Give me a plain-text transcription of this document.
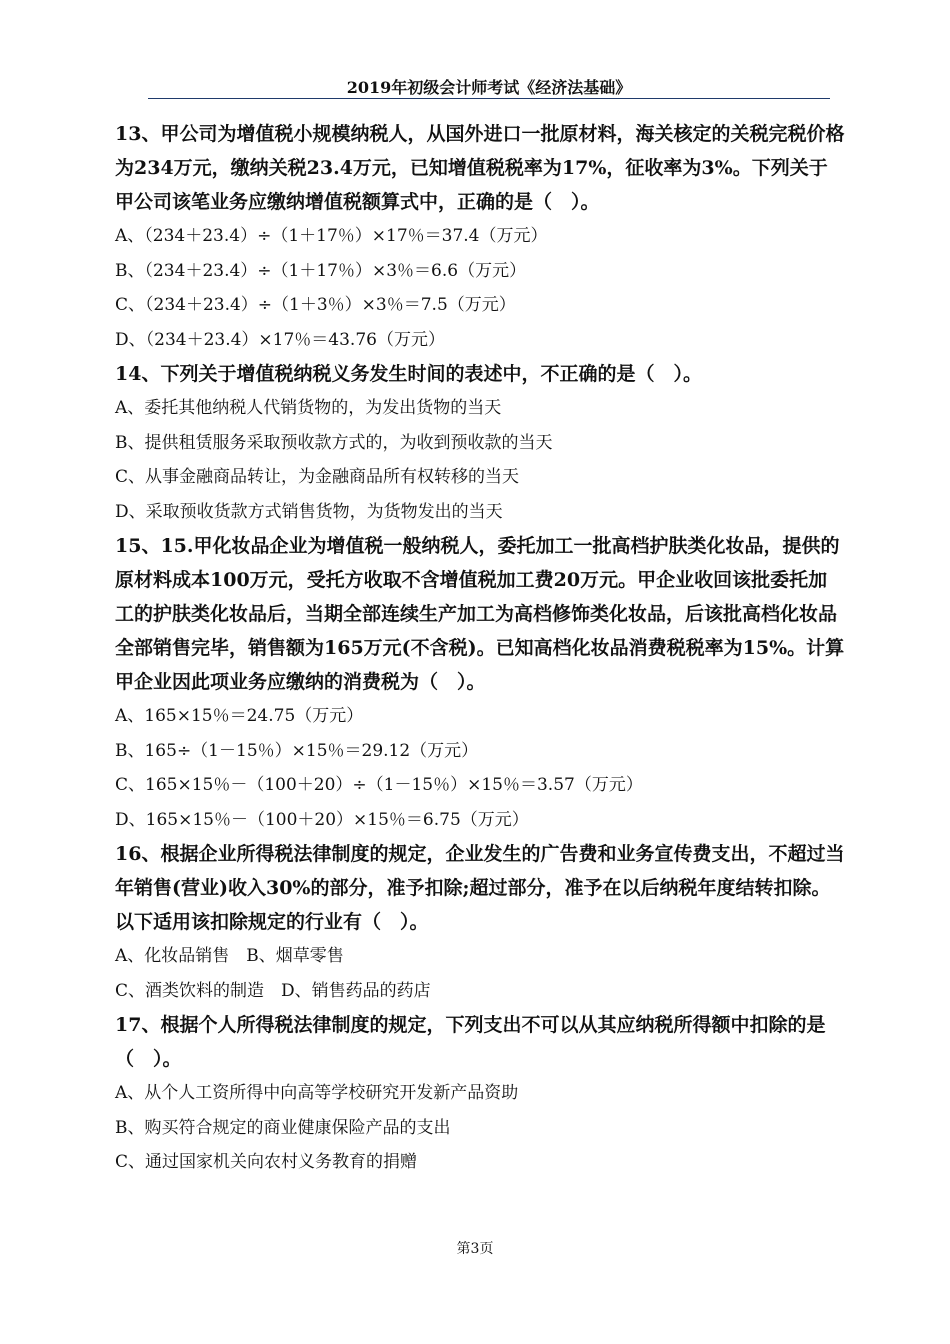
2019年初级会计师考试《经济法基础》

13、甲公司为增值税小规模纳税人，从国外进口一批原材料，海关核定的关税完税价格为234万元，缴纳关税23.4万元，已知增值税税率为17%，征收率为3%。下列关于甲公司该笔业务应缴纳增值税额算式中，正确的是（　）。

A、（234＋23.4）÷（1＋17％）×17％＝37.4（万元）

B、（234＋23.4）÷（1＋17％）×3％＝6.6（万元）

C、（234＋23.4）÷（1＋3％）×3％＝7.5（万元）

D、（234＋23.4）×17％＝43.76（万元）

14、下列关于增值税纳税义务发生时间的表述中，不正确的是（　）。

A、委托其他纳税人代销货物的，为发出货物的当天

B、提供租赁服务采取预收款方式的，为收到预收款的当天

C、从事金融商品转让，为金融商品所有权转移的当天

D、采取预收货款方式销售货物，为货物发出的当天

15、15.甲化妆品企业为增值税一般纳税人，委托加工一批高档护肤类化妆品，提供的原材料成本100万元，受托方收取不含增值税加工费20万元。甲企业收回该批委托加工的护肤类化妆品后，当期全部连续生产加工为高档修饰类化妆品，后该批高档化妆品全部销售完毕，销售额为165万元(不含税)。已知高档化妆品消费税税率为15%。计算甲企业因此项业务应缴纳的消费税为（　）。

A、165×15％＝24.75（万元）

B、165÷（1－15％）×15％＝29.12（万元）

C、165×15％－（100＋20）÷（1－15％）×15％＝3.57（万元）

D、165×15％－（100＋20）×15％＝6.75（万元）

16、根据企业所得税法律制度的规定，企业发生的广告费和业务宣传费支出，不超过当年销售(营业)收入30%的部分，准予扣除;超过部分，准予在以后纳税年度结转扣除。以下适用该扣除规定的行业有（　）。

A、化妆品销售　B、烟草零售

C、酒类饮料的制造　D、销售药品的药店

17、根据个人所得税法律制度的规定，下列支出不可以从其应纳税所得额中扣除的是（　）。

A、从个人工资所得中向高等学校研究开发新产品资助

B、购买符合规定的商业健康保险产品的支出

C、通过国家机关向农村义务教育的捐赠

第3页
